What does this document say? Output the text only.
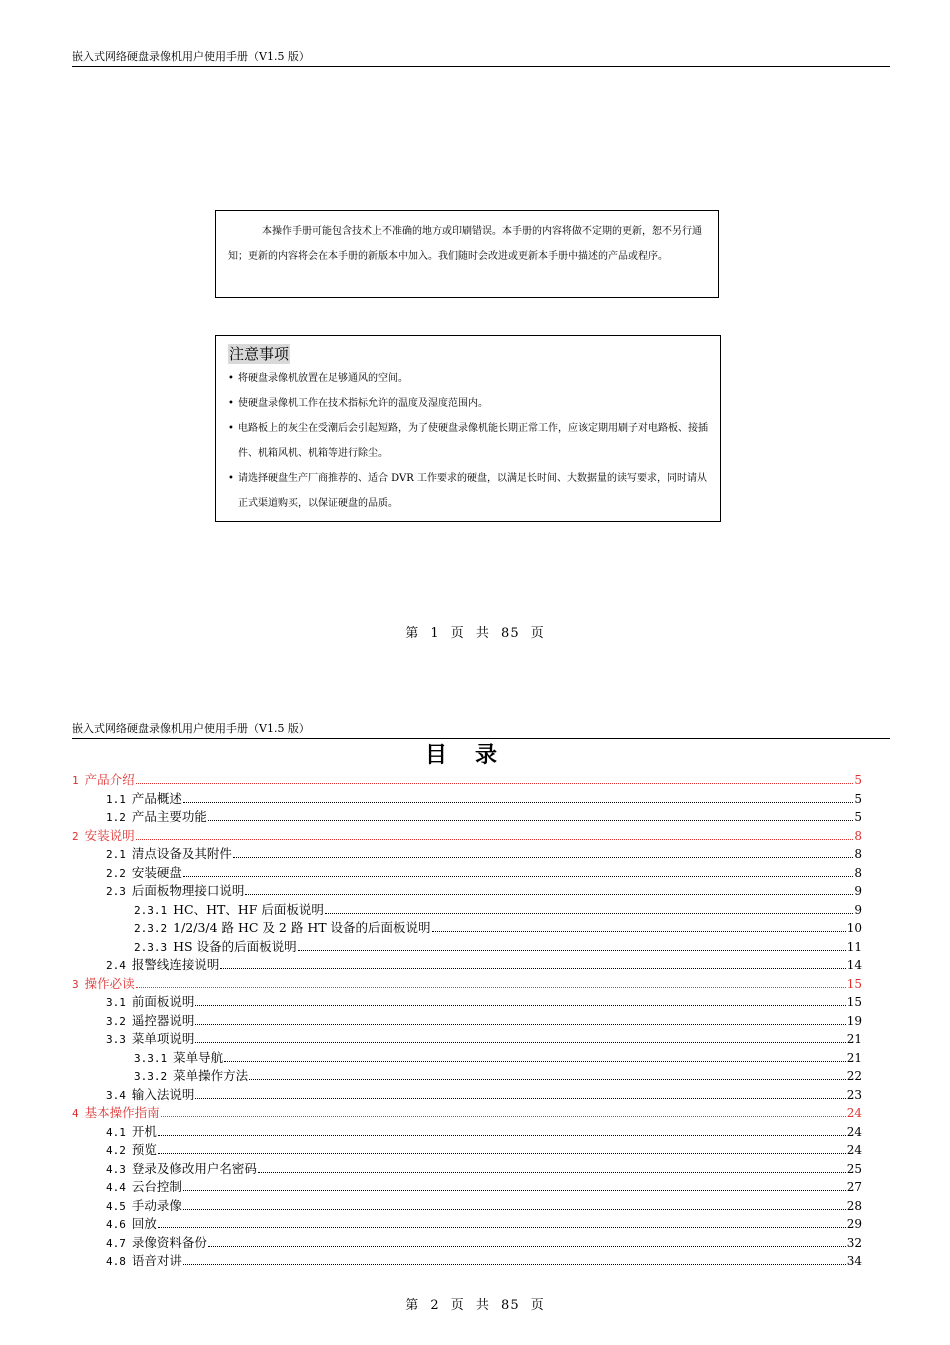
嵌入式网络硬盘录像机用户使用手册（V1.5 版）
本操作手册可能包含技术上不准确的地方或印刷错误。本手册的内容将做不定期的更新，恕不另行通知；更新的内容将会在本手册的新版本中加入。我们随时会改进或更新本手册中描述的产品或程序。
注意事项
• 将硬盘录像机放置在足够通风的空间。
• 使硬盘录像机工作在技术指标允许的温度及湿度范围内。
• 电路板上的灰尘在受潮后会引起短路，为了使硬盘录像机能长期正常工作，应该定期用刷子对电路板、接插件、机箱风机、机箱等进行除尘。
• 请选择硬盘生产厂商推荐的、适合 DVR 工作要求的硬盘，以满足长时间、大数据量的读写要求，同时请从正式渠道购买，以保证硬盘的品质。
第 1 页 共 85 页
嵌入式网络硬盘录像机用户使用手册（V1.5 版）
目录
1 产品介绍	5
1.1 产品概述	5
1.2 产品主要功能	5
2 安装说明	8
2.1 清点设备及其附件	8
2.2 安装硬盘	8
2.3 后面板物理接口说明	9
2.3.1 HC、HT、HF 后面板说明	9
2.3.2 1/2/3/4 路 HC 及 2 路 HT 设备的后面板说明	10
2.3.3 HS 设备的后面板说明	11
2.4 报警线连接说明	14
3 操作必读	15
3.1 前面板说明	15
3.2 遥控器说明	19
3.3 菜单项说明	21
3.3.1 菜单导航	21
3.3.2 菜单操作方法	22
3.4 输入法说明	23
4 基本操作指南	24
4.1 开机	24
4.2 预览	24
4.3 登录及修改用户名密码	25
4.4 云台控制	27
4.5 手动录像	28
4.6 回放	29
4.7 录像资料备份	32
4.8 语音对讲	34
第 2 页 共 85 页
